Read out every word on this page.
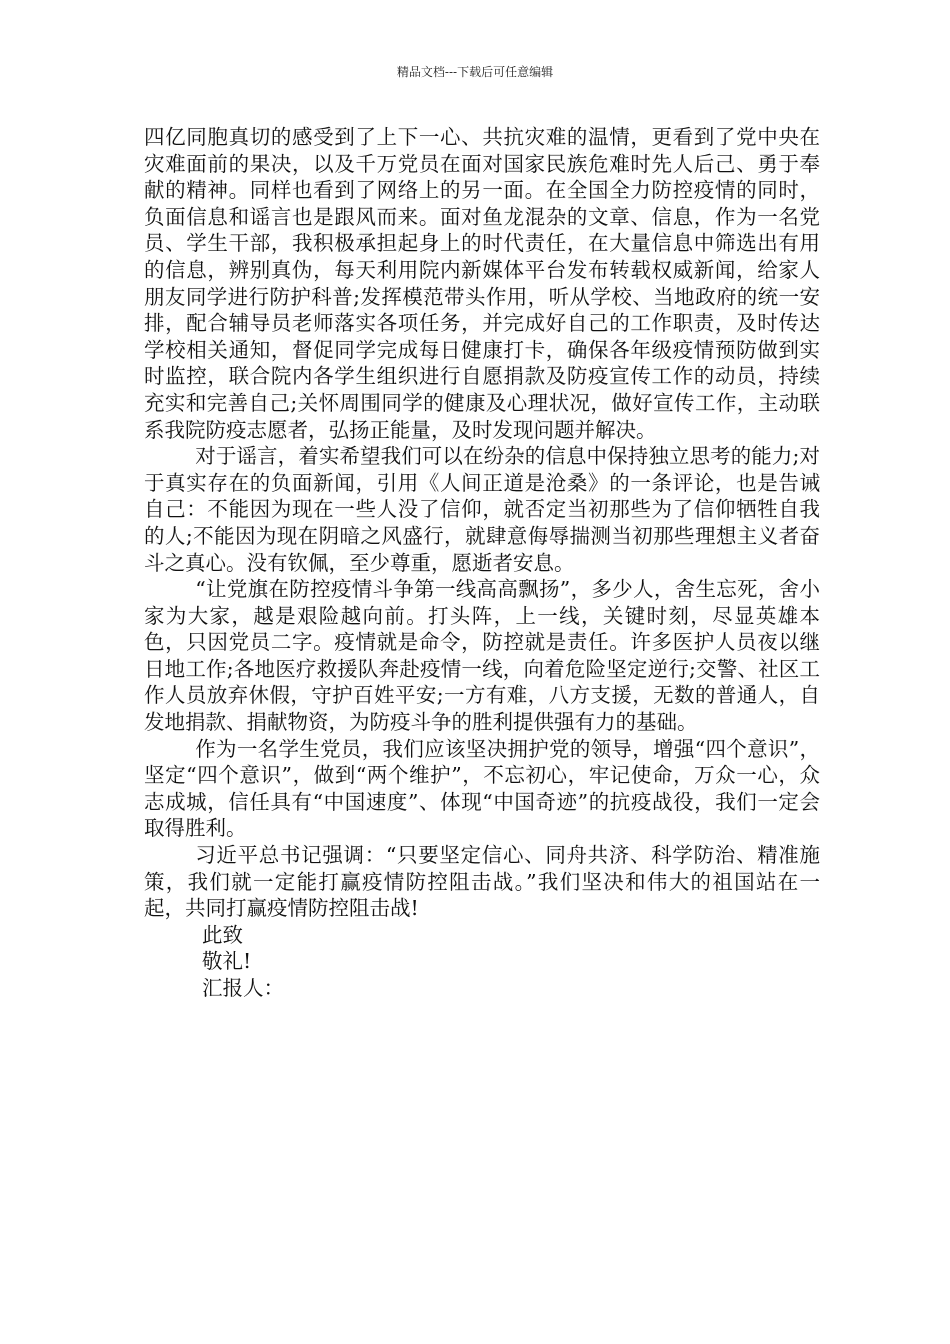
精品文档---下载后可任意编辑

四亿同胞真切的感受到了上下一心、共抗灾难的温情，更看到了党中央在灾难面前的果决，以及千万党员在面对国家民族危难时先人后己、勇于奉献的精神。同样也看到了网络上的另一面。在全国全力防控疫情的同时，负面信息和谣言也是跟风而来。面对鱼龙混杂的文章、信息，作为一名党员、学生干部，我积极承担起身上的时代责任，在大量信息中筛选出有用的信息，辨别真伪，每天利用院内新媒体平台发布转载权威新闻，给家人朋友同学进行防护科普;发挥模范带头作用，听从学校、当地政府的统一安排，配合辅导员老师落实各项任务，并完成好自己的工作职责，及时传达学校相关通知，督促同学完成每日健康打卡，确保各年级疫情预防做到实时监控，联合院内各学生组织进行自愿捐款及防疫宣传工作的动员，持续充实和完善自己;关怀周围同学的健康及心理状况，做好宣传工作，主动联系我院防疫志愿者，弘扬正能量，及时发现问题并解决。

对于谣言，着实希望我们可以在纷杂的信息中保持独立思考的能力;对于真实存在的负面新闻，引用《人间正道是沧桑》的一条评论，也是告诫自己：不能因为现在一些人没了信仰，就否定当初那些为了信仰牺牲自我的人;不能因为现在阴暗之风盛行，就肆意侮辱揣测当初那些理想主义者奋斗之真心。没有钦佩，至少尊重，愿逝者安息。

“让党旗在防控疫情斗争第一线高高飘扬”，多少人，舍生忘死，舍小家为大家，越是艰险越向前。打头阵，上一线，关键时刻，尽显英雄本色，只因党员二字。疫情就是命令，防控就是责任。许多医护人员夜以继日地工作;各地医疗救援队奔赴疫情一线，向着危险坚定逆行;交警、社区工作人员放弃休假，守护百姓平安;一方有难，八方支援，无数的普通人，自发地捐款、捐献物资，为防疫斗争的胜利提供强有力的基础。

作为一名学生党员，我们应该坚决拥护党的领导，增强“四个意识”，坚定“四个意识”，做到“两个维护”，不忘初心，牢记使命，万众一心，众志成城，信任具有“中国速度”、体现“中国奇迹”的抗疫战役，我们一定会取得胜利。

习近平总书记强调：“只要坚定信心、同舟共济、科学防治、精准施策，我们就一定能打赢疫情防控阻击战。”我们坚决和伟大的祖国站在一起，共同打赢疫情防控阻击战!

此致

敬礼!

汇报人：
